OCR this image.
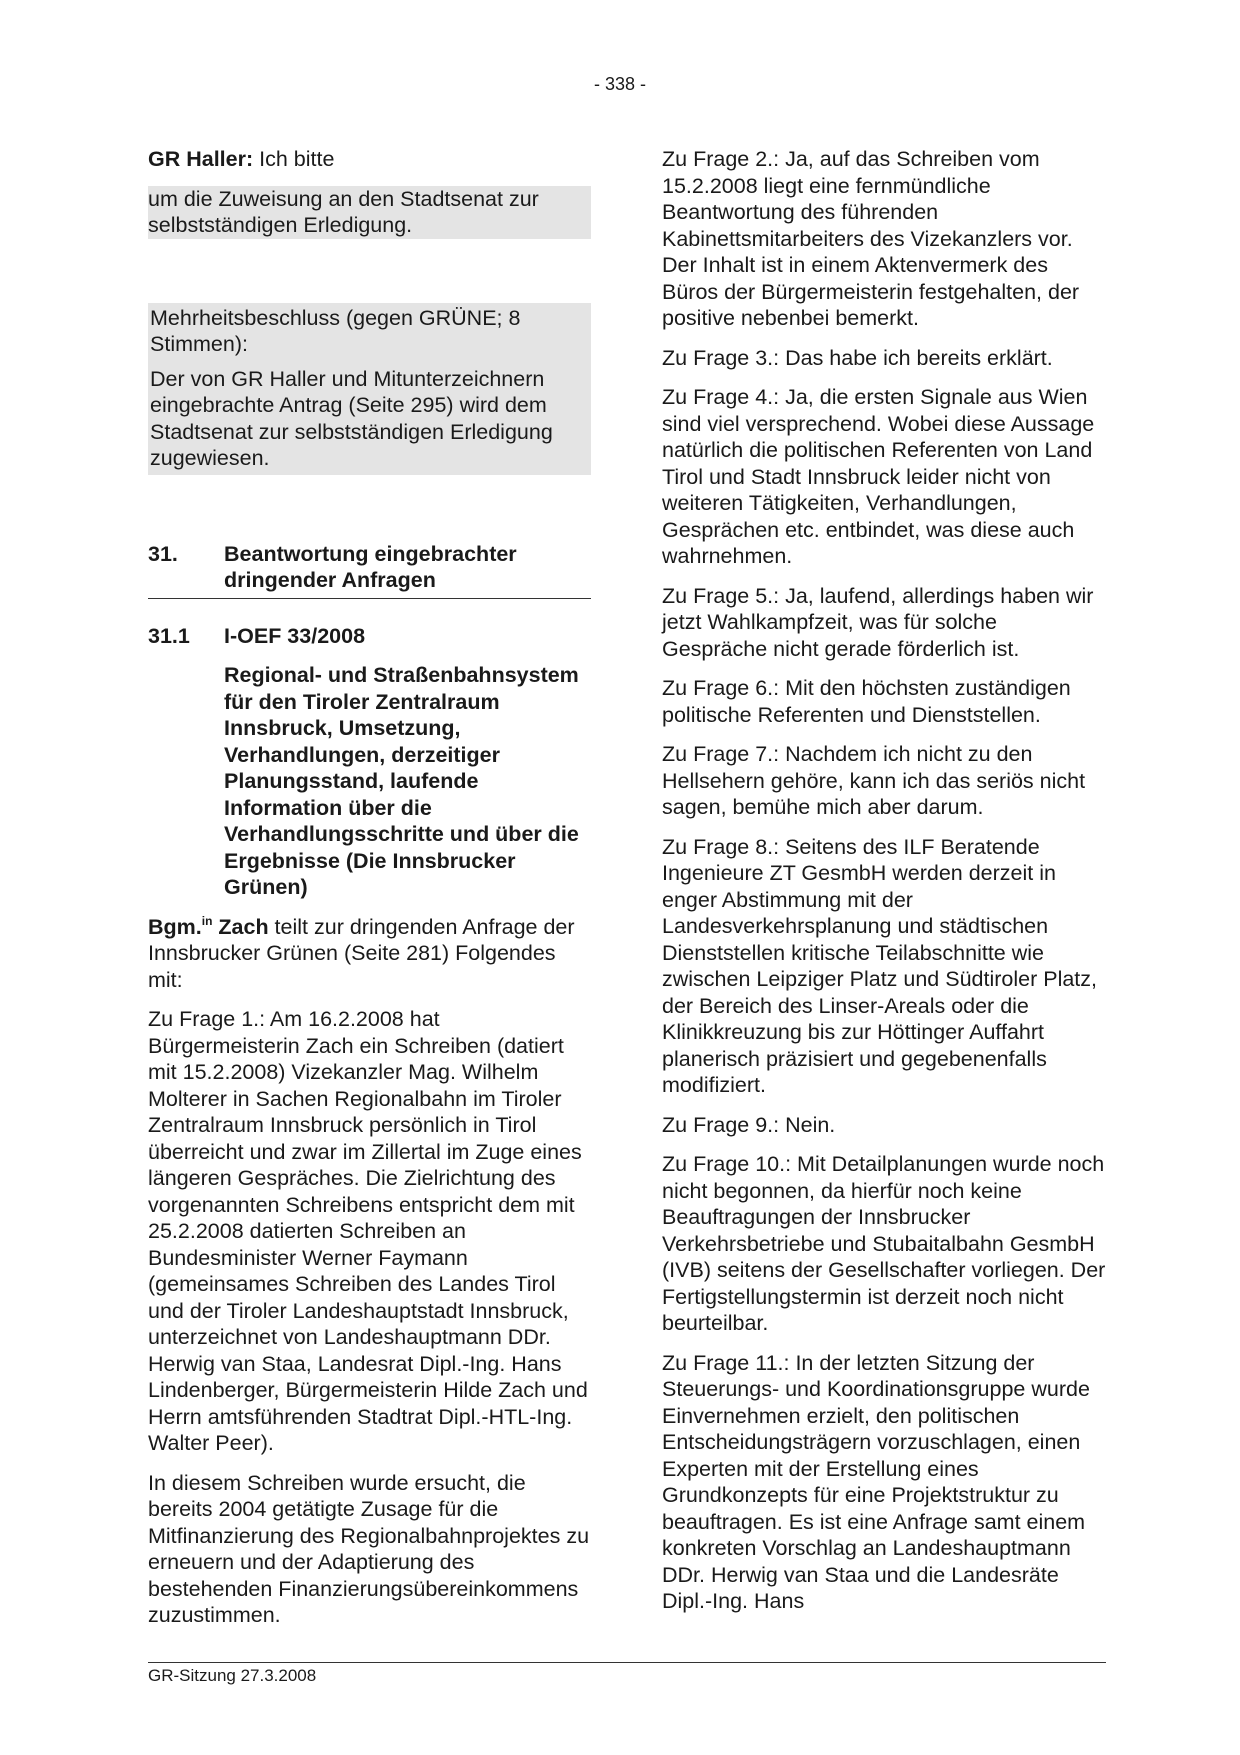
- 338 -

GR Haller: Ich bitte

um die Zuweisung an den Stadtsenat zur selbstständigen Erledigung.

Mehrheitsbeschluss (gegen GRÜNE; 8 Stimmen):

Der von GR Haller und Mitunterzeichnern eingebrachte Antrag (Seite 295) wird dem Stadtsenat zur selbstständigen Erledigung zugewiesen.

31.	Beantwortung eingebrachter dringender Anfragen
31.1	I-OEF 33/2008
Regional- und Straßenbahnsystem für den Tiroler Zentralraum Innsbruck, Umsetzung, Verhandlungen, derzeitiger Planungsstand, laufende Information über die Verhandlungsschritte und über die Ergebnisse (Die Innsbrucker Grünen)

Bgm.$^{in}$ Zach teilt zur dringenden Anfrage der Innsbrucker Grünen (Seite 281) Folgendes mit:

Zu Frage 1.: Am 16.2.2008 hat Bürgermeisterin Zach ein Schreiben (datiert mit 15.2.2008) Vizekanzler Mag. Wilhelm Molterer in Sachen Regionalbahn im Tiroler Zentralraum Innsbruck persönlich in Tirol überreicht und zwar im Zillertal im Zuge eines längeren Gespräches. Die Zielrichtung des vorgenannten Schreibens entspricht dem mit 25.2.2008 datierten Schreiben an Bundesminister Werner Faymann (gemeinsames Schreiben des Landes Tirol und der Tiroler Landeshauptstadt Innsbruck, unterzeichnet von Landeshauptmann DDr. Herwig van Staa, Landesrat Dipl.-Ing. Hans Lindenberger, Bürgermeisterin Hilde Zach und Herrn amtsführenden Stadtrat Dipl.-HTL-Ing. Walter Peer).

In diesem Schreiben wurde ersucht, die bereits 2004 getätigte Zusage für die Mitfinanzierung des Regionalbahnprojektes zu erneuern und der Adaptierung des bestehenden Finanzierungsübereinkommens zuzustimmen.

Zu Frage 2.: Ja, auf das Schreiben vom 15.2.2008 liegt eine fernmündliche Beantwortung des führenden Kabinettsmitarbeiters des Vizekanzlers vor. Der Inhalt ist in einem Aktenvermerk des Büros der Bürgermeisterin festgehalten, der positive nebenbei bemerkt.

Zu Frage 3.: Das habe ich bereits erklärt.

Zu Frage 4.: Ja, die ersten Signale aus Wien sind viel versprechend. Wobei diese Aussage natürlich die politischen Referenten von Land Tirol und Stadt Innsbruck leider nicht von weiteren Tätigkeiten, Verhandlungen, Gesprächen etc. entbindet, was diese auch wahrnehmen.

Zu Frage 5.: Ja, laufend, allerdings haben wir jetzt Wahlkampfzeit, was für solche Gespräche nicht gerade förderlich ist.

Zu Frage 6.: Mit den höchsten zuständigen politische Referenten und Dienststellen.

Zu Frage 7.: Nachdem ich nicht zu den Hellsehern gehöre, kann ich das seriös nicht sagen, bemühe mich aber darum.

Zu Frage 8.: Seitens des ILF Beratende Ingenieure ZT GesmbH werden derzeit in enger Abstimmung mit der Landesverkehrsplanung und städtischen Dienststellen kritische Teilabschnitte wie zwischen Leipziger Platz und Südtiroler Platz, der Bereich des Linser-Areals oder die Klinikkreuzung bis zur Höttinger Auffahrt planerisch präzisiert und gegebenenfalls modifiziert.

Zu Frage 9.: Nein.

Zu Frage 10.: Mit Detailplanungen wurde noch nicht begonnen, da hierfür noch keine Beauftragungen der Innsbrucker Verkehrsbetriebe und Stubaitalbahn GesmbH (IVB) seitens der Gesellschafter vorliegen. Der Fertigstellungstermin ist derzeit noch nicht beurteilbar.

Zu Frage 11.: In der letzten Sitzung der Steuerungs- und Koordinationsgruppe wurde Einvernehmen erzielt, den politischen Entscheidungsträgern vorzuschlagen, einen Experten mit der Erstellung eines Grundkonzepts für eine Projektstruktur zu beauftragen. Es ist eine Anfrage samt einem konkreten Vorschlag an Landeshauptmann DDr. Herwig van Staa und die Landesräte Dipl.-Ing. Hans

GR-Sitzung 27.3.2008
